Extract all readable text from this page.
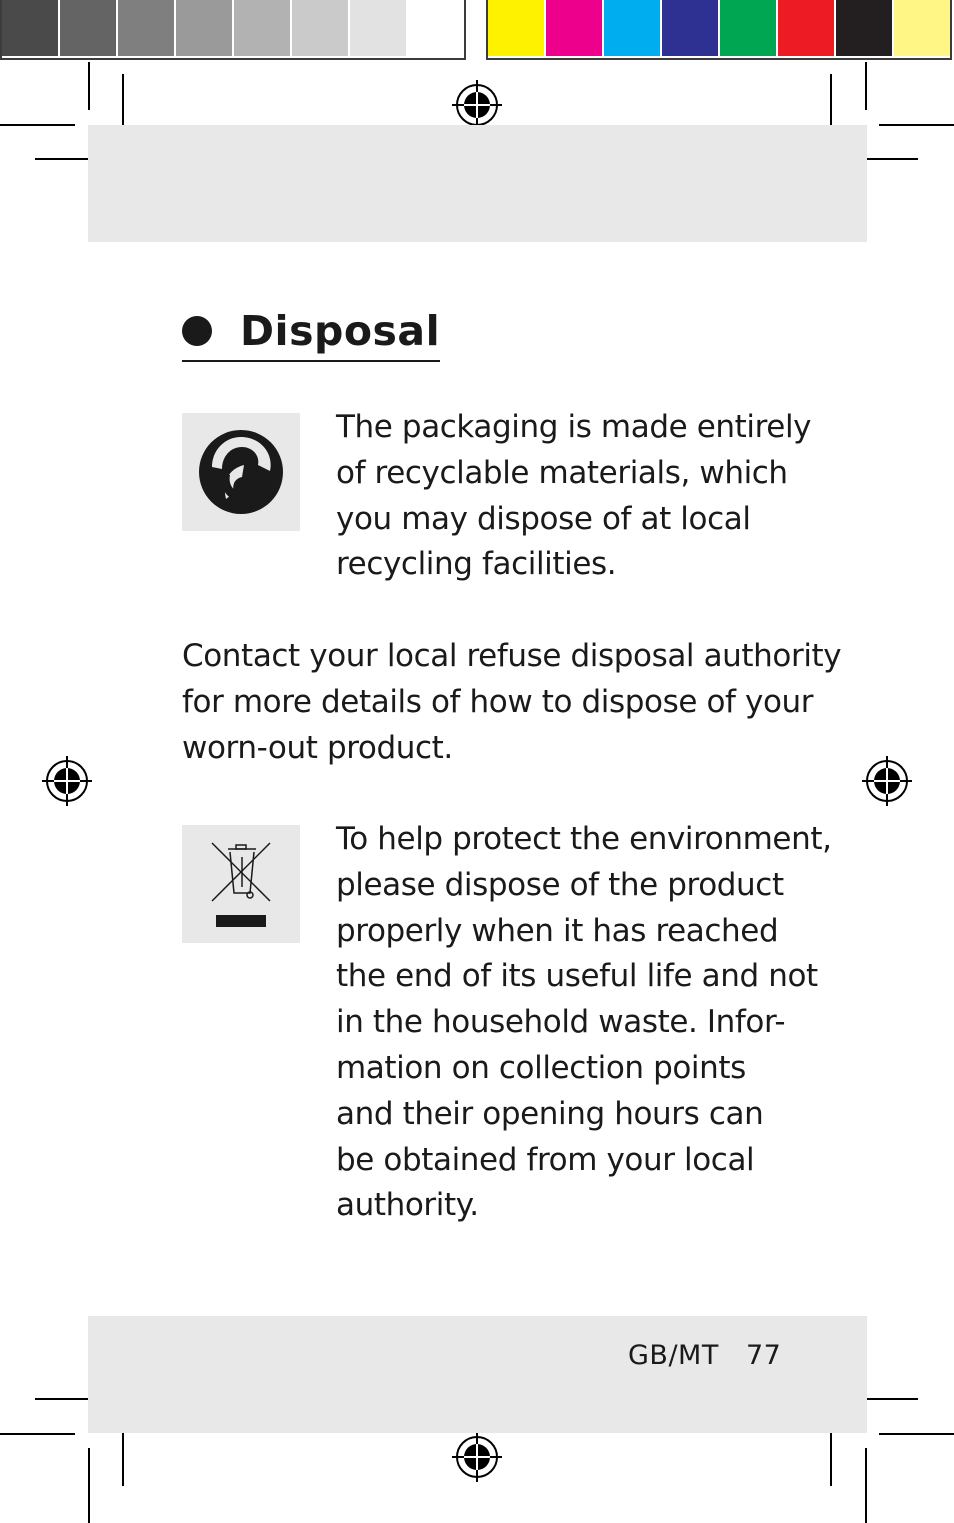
Disposal
The packaging is made entirely
of recyclable materials, which
you may dispose of at local
recycling facilities.
Contact your local refuse disposal authority
for more details of how to dispose of your
worn-out product.
To help protect the environment,
please dispose of the product
properly when it has reached
the end of its useful life and not
in the household waste. Infor-
mation on collection points
and their opening hours can
be obtained from your local
authority.
GB/MT 77
